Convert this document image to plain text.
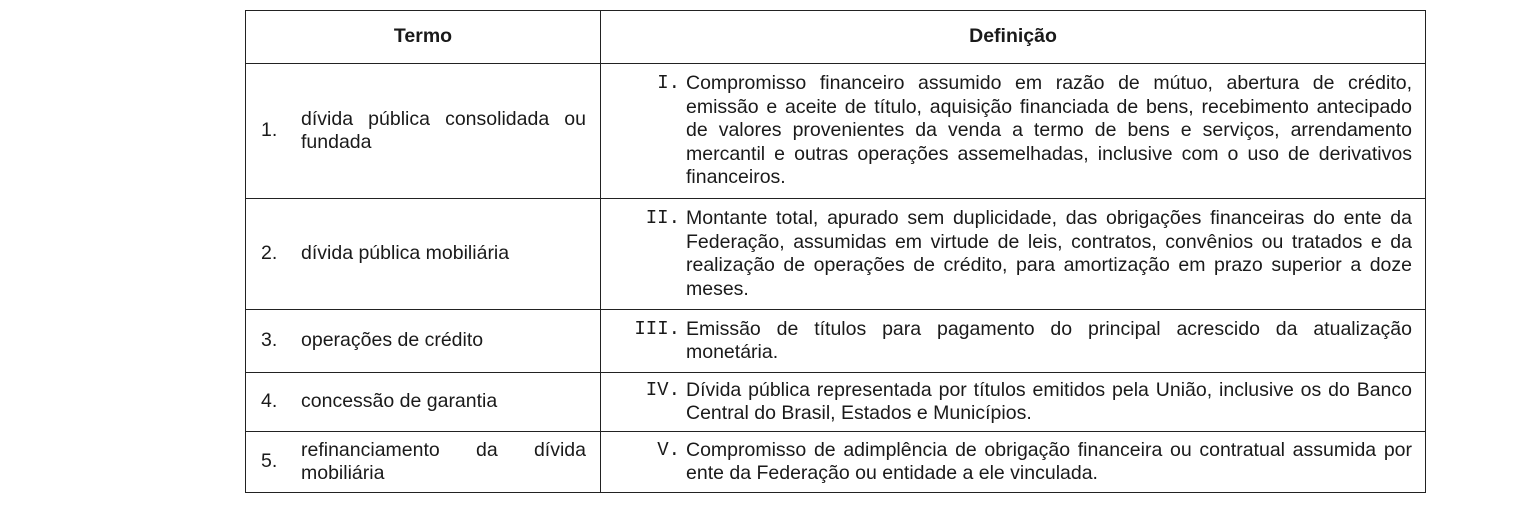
Termo	Definição

1.
dívida pública consolidada ou fundada	I. Compromisso financeiro assumido em razão de mútuo, abertura de crédito, emissão e aceite de título, aquisição financiada de bens, recebimento antecipado de valores provenientes da venda a termo de bens e serviços, arrendamento mercantil e outras operações assemelhadas, inclusive com o uso de derivativos financeiros.

2. dívida pública mobiliária	II. Montante total, apurado sem duplicidade, das obrigações financeiras do ente da Federação, assumidas em virtude de leis, contratos, convênios ou tratados e da realização de operações de crédito, para amortização em prazo superior a doze meses.

3. operações de crédito	III. Emissão de títulos para pagamento do principal acrescido da atualização monetária.

4. concessão de garantia	IV. Dívida pública representada por títulos emitidos pela União, inclusive os do Banco Central do Brasil, Estados e Municípios.

5.
refinanciamento da dívida mobiliária	V. Compromisso de adimplência de obrigação financeira ou contratual assumida por ente da Federação ou entidade a ele vinculada.
